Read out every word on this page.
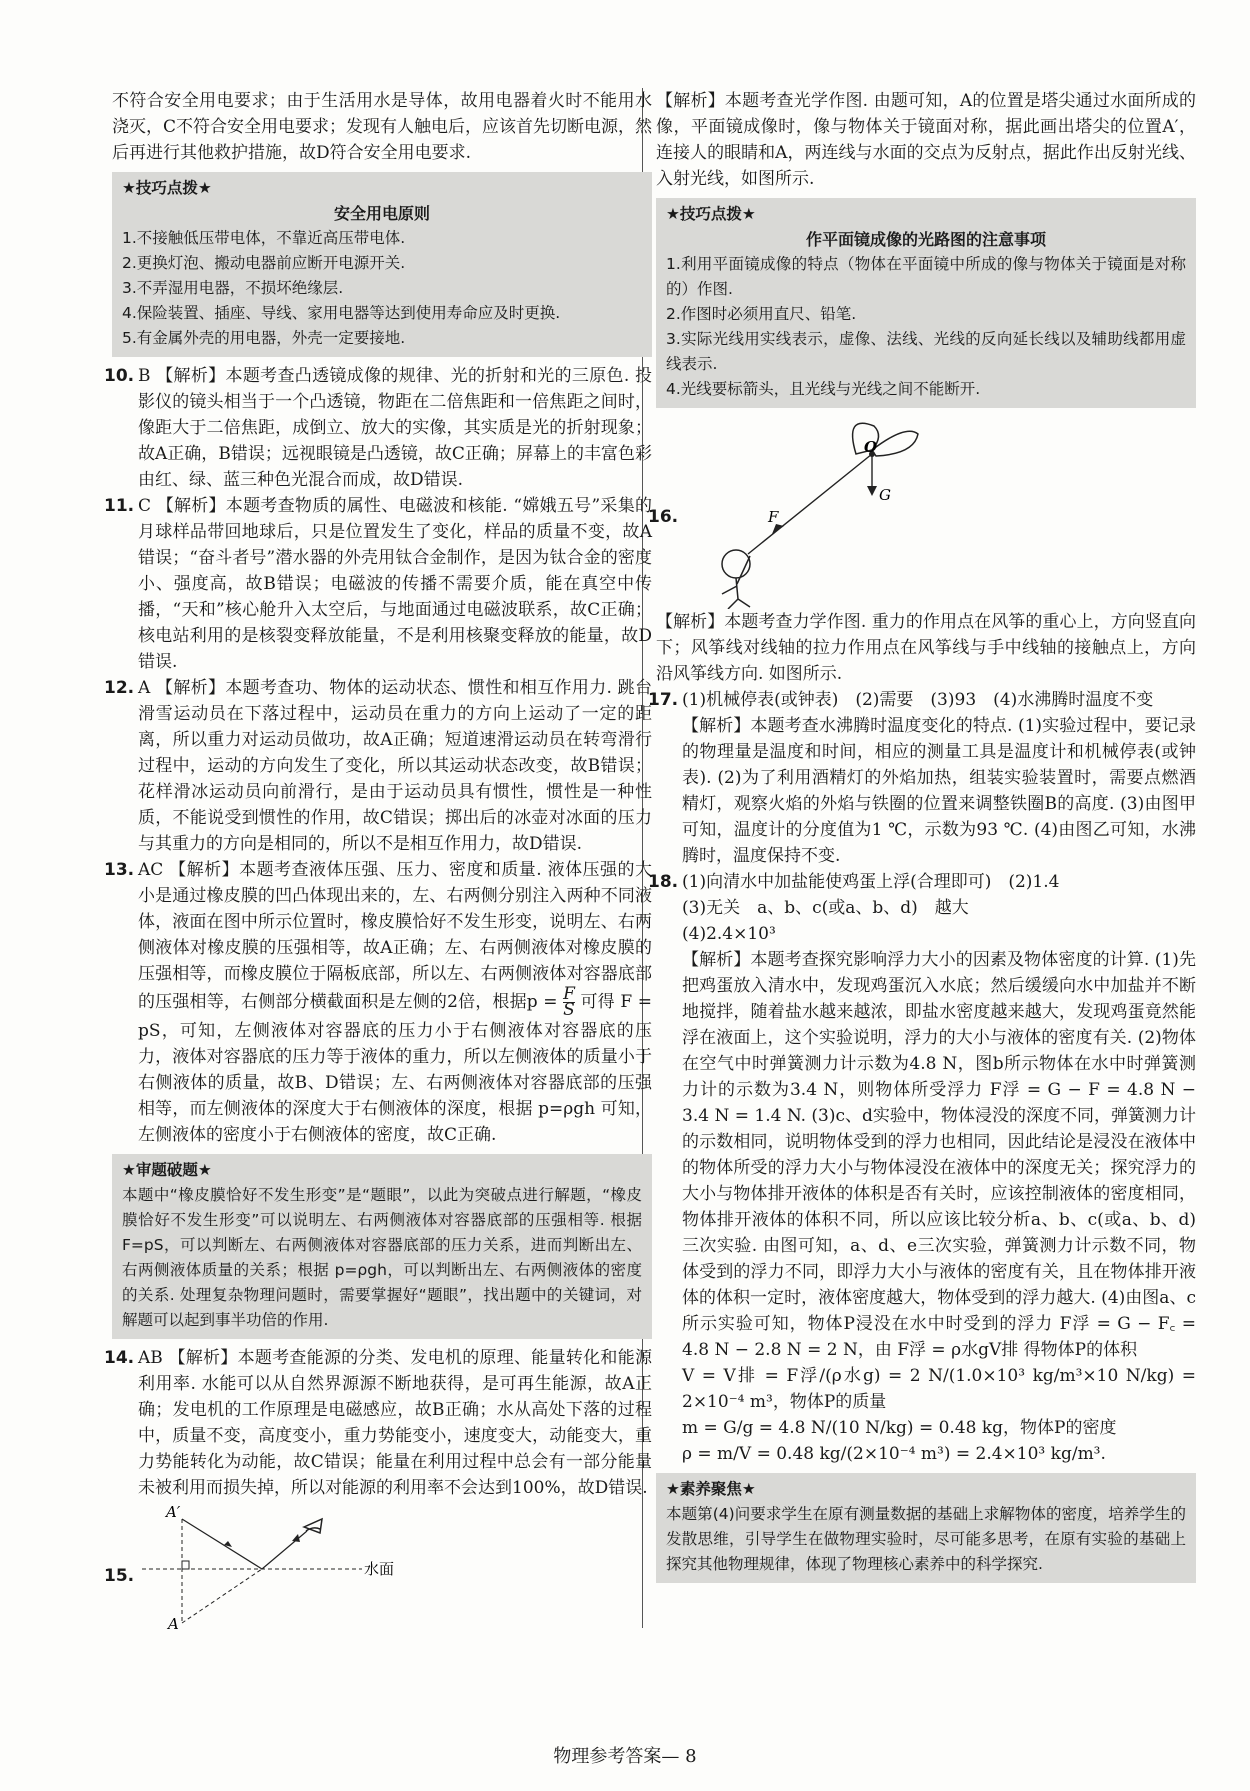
不符合安全用电要求；由于生活用水是导体，故用电器着火时不能用水浇灭，C不符合安全用电要求；发现有人触电后，应该首先切断电源，然后再进行其他救护措施，故D符合安全用电要求.

★技巧点拨★
安全用电原则
1.不接触低压带电体，不靠近高压带电体.
2.更换灯泡、搬动电器前应断开电源开关.
3.不弄湿用电器，不损坏绝缘层.
4.保险装置、插座、导线、家用电器等达到使用寿命应及时更换.
5.有金属外壳的用电器，外壳一定要接地.
10. B 【解析】本题考查凸透镜成像的规律、光的折射和光的三原色. 投影仪的镜头相当于一个凸透镜，物距在二倍焦距和一倍焦距之间时，像距大于二倍焦距，成倒立、放大的实像，其实质是光的折射现象；故A正确，B错误；远视眼镜是凸透镜，故C正确；屏幕上的丰富色彩由红、绿、蓝三种色光混合而成，故D错误.

11. C 【解析】本题考查物质的属性、电磁波和核能. “嫦娥五号”采集的月球样品带回地球后，只是位置发生了变化，样品的质量不变，故A错误；“奋斗者号”潜水器的外壳用钛合金制作，是因为钛合金的密度小、强度高，故B错误；电磁波的传播不需要介质，能在真空中传播，“天和”核心舱升入太空后，与地面通过电磁波联系，故C正确；核电站利用的是核裂变释放能量，不是利用核聚变释放的能量，故D错误.

12. A 【解析】本题考查功、物体的运动状态、惯性和相互作用力. 跳台滑雪运动员在下落过程中，运动员在重力的方向上运动了一定的距离，所以重力对运动员做功，故A正确；短道速滑运动员在转弯滑行过程中，运动的方向发生了变化，所以其运动状态改变，故B错误；花样滑冰运动员向前滑行，是由于运动员具有惯性，惯性是一种性质，不能说受到惯性的作用，故C错误；掷出后的冰壶对冰面的压力与其重力的方向是相同的，所以不是相互作用力，故D错误.

13. AC 【解析】本题考查液体压强、压力、密度和质量. 液体压强的大小是通过橡皮膜的凹凸体现出来的，左、右两侧分别注入两种不同液体，液面在图中所示位置时，橡皮膜恰好不发生形变，说明左、右两侧液体对橡皮膜的压强相等，故A正确；左、右两侧液体对橡皮膜的压强相等，而橡皮膜位于隔板底部，所以左、右两侧液体对容器底部的压强相等，右侧部分横截面积是左侧的2倍，根据$p = \frac{F}{S}$ 可得 F = pS，可知，左侧液体对容器底的压力小于右侧液体对容器底的压力，液体对容器底的压力等于液体的重力，所以左侧液体的质量小于右侧液体的质量，故B、D错误；左、右两侧液体对容器底部的压强相等，而左侧液体的深度大于右侧液体的深度，根据 p=ρgh 可知，左侧液体的密度小于右侧液体的密度，故C正确.

★审题破题★
本题中“橡皮膜恰好不发生形变”是“题眼”，以此为突破点进行解题，“橡皮膜恰好不发生形变”可以说明左、右两侧液体对容器底部的压强相等. 根据 F=pS，可以判断左、右两侧液体对容器底部的压力关系，进而判断出左、右两侧液体质量的关系；根据 p=ρgh，可以判断出左、右两侧液体的密度的关系. 处理复杂物理问题时，需要掌握好“题眼”，找出题中的关键词，对解题可以起到事半功倍的作用.
14. AB 【解析】本题考查能源的分类、发电机的原理、能量转化和能源利用率. 水能可以从自然界源源不断地获得，是可再生能源，故A正确；发电机的工作原理是电磁感应，故B正确；水从高处下落的过程中，质量不变，高度变小，重力势能变小，速度变大，动能变大，重力势能转化为动能，故C错误；能量在利用过程中总会有一部分能量未被利用而损失掉，所以对能源的利用率不会达到100%，故D错误.

15.
A′
A
水面

【解析】本题考查光学作图. 由题可知，A的位置是塔尖通过水面所成的像，平面镜成像时，像与物体关于镜面对称，据此画出塔尖的位置A′，连接人的眼睛和A，两连线与水面的交点为反射点，据此作出反射光线、入射光线，如图所示.

★技巧点拨★
作平面镜成像的光路图的注意事项
1.利用平面镜成像的特点（物体在平面镜中所成的像与物体关于镜面是对称的）作图.
2.作图时必须用直尺、铅笔.
3.实际光线用实线表示，虚像、法线、光线的反向延长线以及辅助线都用虚线表示.
4.光线要标箭头，且光线与光线之间不能断开.
16.
O
G
F

【解析】本题考查力学作图. 重力的作用点在风筝的重心上，方向竖直向下；风筝线对线轴的拉力作用点在风筝线与手中线轴的接触点上，方向沿风筝线方向. 如图所示.

17. (1)机械停表(或钟表)　(2)需要　(3)93　(4)水沸腾时温度不变

【解析】本题考查水沸腾时温度变化的特点. (1)实验过程中，要记录的物理量是温度和时间，相应的测量工具是温度计和机械停表(或钟表). (2)为了利用酒精灯的外焰加热，组装实验装置时，需要点燃酒精灯，观察火焰的外焰与铁圈的位置来调整铁圈B的高度. (3)由图甲可知，温度计的分度值为1 ℃，示数为93 ℃. (4)由图乙可知，水沸腾时，温度保持不变.

18. (1)向清水中加盐能使鸡蛋上浮(合理即可)　(2)1.4

(3)无关　a、b、c(或a、b、d)　越大

(4)2.4×10³

【解析】本题考查探究影响浮力大小的因素及物体密度的计算. (1)先把鸡蛋放入清水中，发现鸡蛋沉入水底；然后缓缓向水中加盐并不断地搅拌，随着盐水越来越浓，即盐水密度越来越大，发现鸡蛋竟然能浮在液面上，这个实验说明，浮力的大小与液体的密度有关. (2)物体在空气中时弹簧测力计示数为4.8 N，图b所示物体在水中时弹簧测力计的示数为3.4 N，则物体所受浮力 F浮 = G − F = 4.8 N − 3.4 N = 1.4 N. (3)c、d实验中，物体浸没的深度不同，弹簧测力计的示数相同，说明物体受到的浮力也相同，因此结论是浸没在液体中的物体所受的浮力大小与物体浸没在液体中的深度无关；探究浮力的大小与物体排开液体的体积是否有关时，应该控制液体的密度相同，物体排开液体的体积不同，所以应该比较分析a、b、c(或a、b、d)三次实验. 由图可知，a、d、e三次实验，弹簧测力计示数不同，物体受到的浮力不同，即浮力大小与液体的密度有关，且在物体排开液体的体积一定时，液体密度越大，物体受到的浮力越大. (4)由图a、c所示实验可知，物体P浸没在水中时受到的浮力 F浮 = G − F꜀ = 4.8 N − 2.8 N = 2 N，由 F浮 = ρ水gV排 得物体P的体积

V = V排 = F浮/(ρ水g) = 2 N/(1.0×10³ kg/m³×10 N/kg) = 2×10⁻⁴ m³，物体P的质量

m = G/g = 4.8 N/(10 N/kg) = 0.48 kg，物体P的密度

ρ = m/V = 0.48 kg/(2×10⁻⁴ m³) = 2.4×10³ kg/m³.

★素养聚焦★
本题第(4)问要求学生在原有测量数据的基础上求解物体的密度，培养学生的发散思维，引导学生在做物理实验时，尽可能多思考，在原有实验的基础上探究其他物理规律，体现了物理核心素养中的科学探究.
物理参考答案— 8
